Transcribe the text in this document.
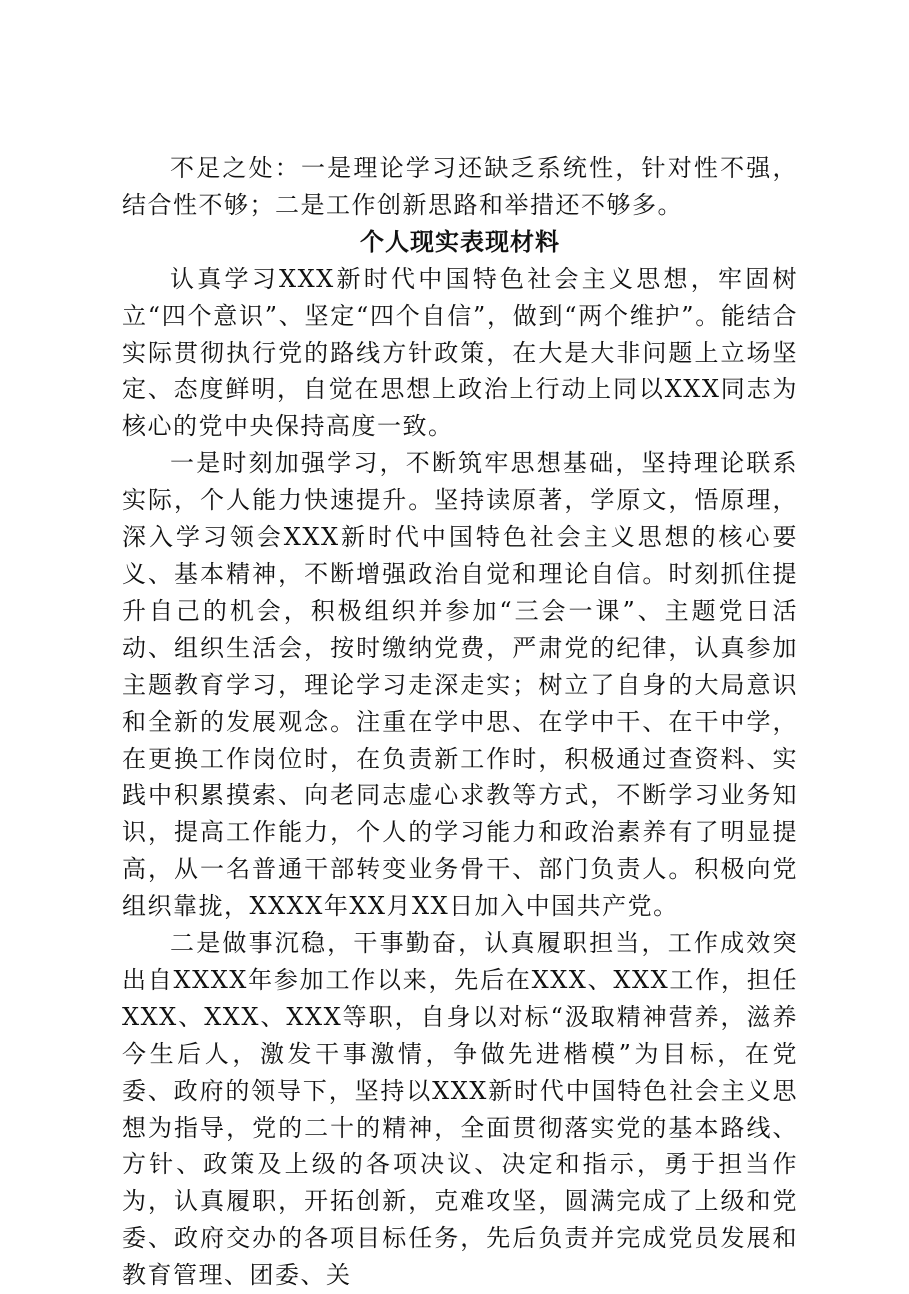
不足之处：一是理论学习还缺乏系统性，针对性不强，结合性不够；二是工作创新思路和举措还不够多。

个人现实表现材料

认真学习XXX新时代中国特色社会主义思想，牢固树立“四个意识”、坚定“四个自信”，做到“两个维护”。能结合实际贯彻执行党的路线方针政策，在大是大非问题上立场坚定、态度鲜明，自觉在思想上政治上行动上同以XXX同志为核心的党中央保持高度一致。

一是时刻加强学习，不断筑牢思想基础，坚持理论联系实际，个人能力快速提升。坚持读原著，学原文，悟原理，深入学习领会XXX新时代中国特色社会主义思想的核心要义、基本精神，不断增强政治自觉和理论自信。时刻抓住提升自己的机会，积极组织并参加“三会一课”、主题党日活动、组织生活会，按时缴纳党费，严肃党的纪律，认真参加主题教育学习，理论学习走深走实；树立了自身的大局意识和全新的发展观念。注重在学中思、在学中干、在干中学，在更换工作岗位时，在负责新工作时，积极通过查资料、实践中积累摸索、向老同志虚心求教等方式，不断学习业务知识，提高工作能力，个人的学习能力和政治素养有了明显提高，从一名普通干部转变业务骨干、部门负责人。积极向党组织靠拢，XXXX年XX月XX日加入中国共产党。

二是做事沉稳，干事勤奋，认真履职担当，工作成效突出自XXXX年参加工作以来，先后在XXX、XXX工作，担任XXX、XXX、XXX等职，自身以对标“汲取精神营养，滋养今生后人，激发干事激情，争做先进楷模”为目标，在党委、政府的领导下，坚持以XXX新时代中国特色社会主义思想为指导，党的二十的精神，全面贯彻落实党的基本路线、方针、政策及上级的各项决议、决定和指示，勇于担当作为，认真履职，开拓创新，克难攻坚，圆满完成了上级和党委、政府交办的各项目标任务，先后负责并完成党员发展和教育管理、团委、关
